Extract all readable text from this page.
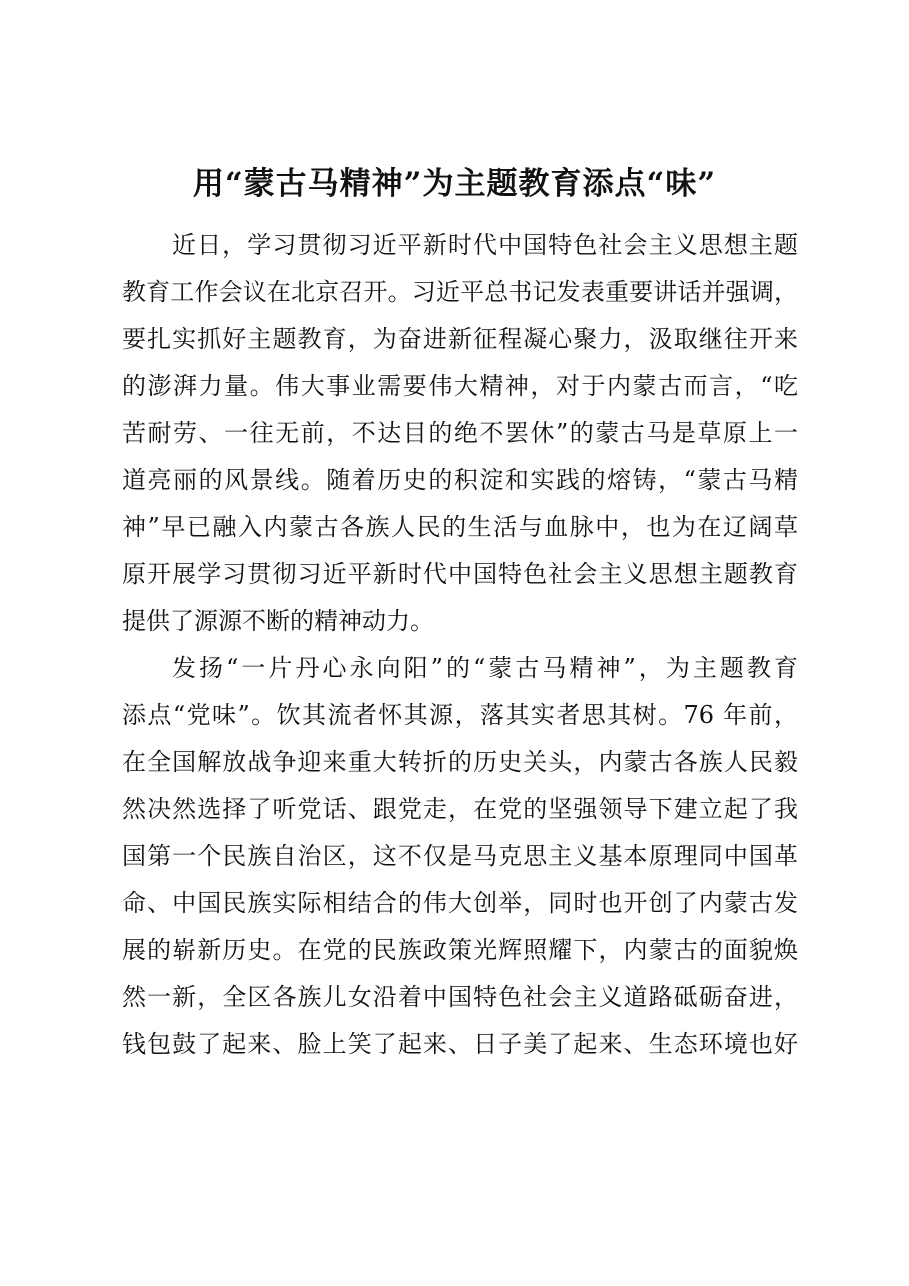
用“蒙古马精神”为主题教育添点“味”
近日，学习贯彻习近平新时代中国特色社会主义思想主题
教育工作会议在北京召开。习近平总书记发表重要讲话并强调，
要扎实抓好主题教育，为奋进新征程凝心聚力，汲取继往开来
的澎湃力量。伟大事业需要伟大精神，对于内蒙古而言，“吃
苦耐劳、一往无前，不达目的绝不罢休”的蒙古马是草原上一
道亮丽的风景线。随着历史的积淀和实践的熔铸，“蒙古马精
神”早已融入内蒙古各族人民的生活与血脉中，也为在辽阔草
原开展学习贯彻习近平新时代中国特色社会主义思想主题教育
提供了源源不断的精神动力。
发扬“一片丹心永向阳”的“蒙古马精神”，为主题教育
添点“党味”。饮其流者怀其源，落其实者思其树。76 年前，
在全国解放战争迎来重大转折的历史关头，内蒙古各族人民毅
然决然选择了听党话、跟党走，在党的坚强领导下建立起了我
国第一个民族自治区，这不仅是马克思主义基本原理同中国革
命、中国民族实际相结合的伟大创举，同时也开创了内蒙古发
展的崭新历史。在党的民族政策光辉照耀下，内蒙古的面貌焕
然一新，全区各族儿女沿着中国特色社会主义道路砥砺奋进，
钱包鼓了起来、脸上笑了起来、日子美了起来、生态环境也好
